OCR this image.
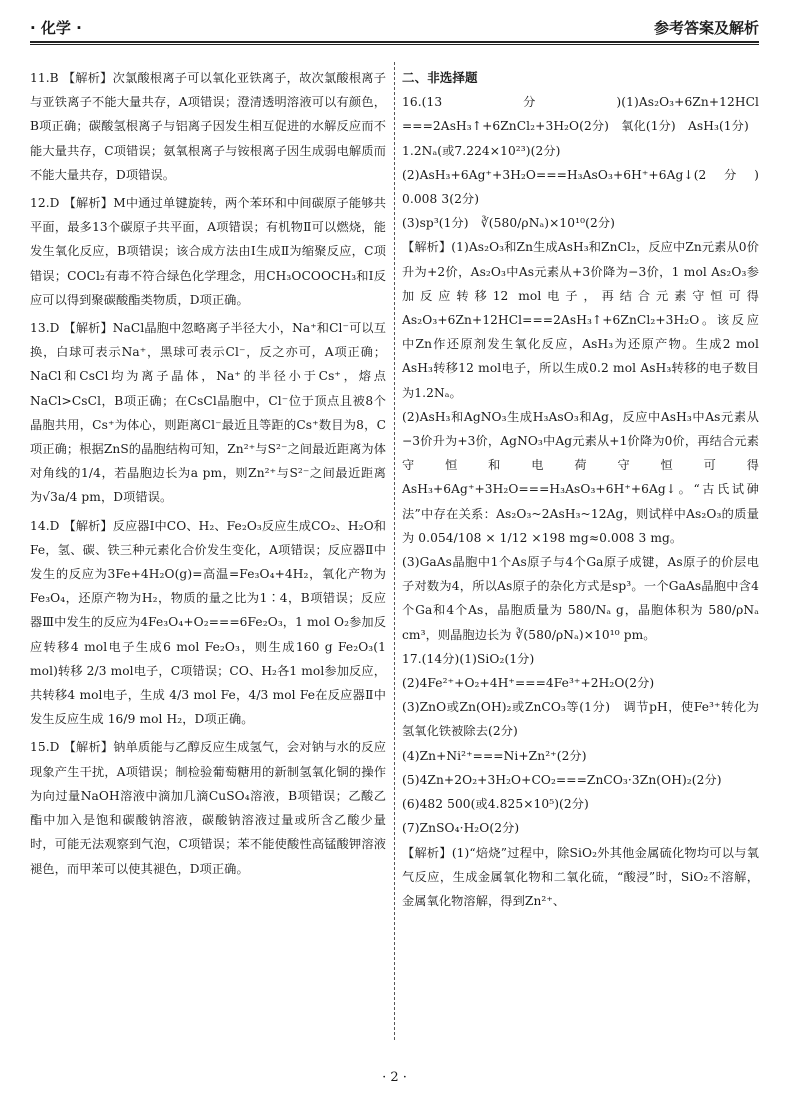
· 化学 ·	参考答案及解析

11.B 【解析】次氯酸根离子可以氧化亚铁离子，故次氯酸根离子与亚铁离子不能大量共存，A项错误；澄清透明溶液可以有颜色，B项正确；碳酸氢根离子与铝离子因发生相互促进的水解反应而不能大量共存，C项错误；氨氧根离子与铵根离子因生成弱电解质而不能大量共存，D项错误。

12.D 【解析】M中通过单键旋转，两个苯环和中间碳原子能够共平面，最多13个碳原子共平面，A项错误；有机物Ⅱ可以燃烧，能发生氧化反应，B项错误；该合成方法由Ⅰ生成Ⅱ为缩聚反应，C项错误；COCl₂有毒不符合绿色化学理念，用CH₃OCOOCH₃和Ⅰ反应可以得到聚碳酸酯类物质，D项正确。

13.D 【解析】NaCl晶胞中忽略离子半径大小，Na⁺和Cl⁻可以互换，白球可表示Na⁺，黑球可表示Cl⁻，反之亦可，A项正确；NaCl和CsCl均为离子晶体，Na⁺的半径小于Cs⁺，熔点NaCl>CsCl，B项正确；在CsCl晶胞中，Cl⁻位于顶点且被8个晶胞共用，Cs⁺为体心，则距离Cl⁻最近且等距的Cs⁺数目为8，C项正确；根据ZnS的晶胞结构可知，Zn²⁺与S²⁻之间最近距离为体对角线的1/4，若晶胞边长为a pm，则Zn²⁺与S²⁻之间最近距离为√3a/4 pm，D项错误。

14.D 【解析】反应器Ⅰ中CO、H₂、Fe₂O₃反应生成CO₂、H₂O和Fe，氢、碳、铁三种元素化合价发生变化，A项错误；反应器Ⅱ中发生的反应为3Fe+4H₂O(g)=高温=Fe₃O₄+4H₂，氧化产物为Fe₃O₄，还原产物为H₂，物质的量之比为1∶4，B项错误；反应器Ⅲ中发生的反应为4Fe₃O₄+O₂===6Fe₂O₃，1 mol O₂参加反应转移4 mol电子生成6 mol Fe₂O₃，则生成160 g Fe₂O₃(1 mol)转移 2/3 mol电子，C项错误；CO、H₂各1 mol参加反应，共转移4 mol电子，生成 4/3 mol Fe，4/3 mol Fe在反应器Ⅱ中发生反应生成 16/9 mol H₂，D项正确。

15.D 【解析】钠单质能与乙醇反应生成氢气，会对钠与水的反应现象产生干扰，A项错误；制检验葡萄糖用的新制氢氧化铜的操作为向过量NaOH溶液中滴加几滴CuSO₄溶液，B项错误；乙酸乙酯中加入是饱和碳酸钠溶液，碳酸钠溶液过量或所含乙酸少量时，可能无法观察到气泡，C项错误；苯不能使酸性高锰酸钾溶液褪色，而甲苯可以使其褪色，D项正确。

二、非选择题

16.(13分)(1)As₂O₃+6Zn+12HCl ===2AsH₃↑+6ZnCl₂+3H₂O(2分)　氧化(1分)　AsH₃(1分)

1.2Nₐ(或7.224×10²³)(2分)

(2)AsH₃+6Ag⁺+3H₂O===H₃AsO₃+6H⁺+6Ag↓(2分)　0.008 3(2分)

(3)sp³(1分)　∛(580/ρNₐ)×10¹⁰(2分)

【解析】(1)As₂O₃和Zn生成AsH₃和ZnCl₂，反应中Zn元素从0价升为+2价，As₂O₃中As元素从+3价降为−3价，1 mol As₂O₃参加反应转移12 mol电子，再结合元素守恒可得As₂O₃+6Zn+12HCl===2AsH₃↑+6ZnCl₂+3H₂O。该反应中Zn作还原剂发生氧化反应，AsH₃为还原产物。生成2 mol AsH₃转移12 mol电子，所以生成0.2 mol AsH₃转移的电子数目为1.2Nₐ。

(2)AsH₃和AgNO₃生成H₃AsO₃和Ag，反应中AsH₃中As元素从−3价升为+3价，AgNO₃中Ag元素从+1价降为0价，再结合元素守恒和电荷守恒可得AsH₃+6Ag⁺+3H₂O===H₃AsO₃+6H⁺+6Ag↓。“古氏试砷法”中存在关系：As₂O₃~2AsH₃~12Ag，则试样中As₂O₃的质量为 0.054/108 × 1/12 ×198 mg≈0.008 3 mg。

(3)GaAs晶胞中1个As原子与4个Ga原子成键，As原子的价层电子对数为4，所以As原子的杂化方式是sp³。一个GaAs晶胞中含4个Ga和4个As，晶胞质量为 580/Nₐ g，晶胞体积为 580/ρNₐ cm³，则晶胞边长为 ∛(580/ρNₐ)×10¹⁰ pm。

17.(14分)(1)SiO₂(1分)

(2)4Fe²⁺+O₂+4H⁺===4Fe³⁺+2H₂O(2分)

(3)ZnO或Zn(OH)₂或ZnCO₃等(1分)　调节pH，使Fe³⁺转化为氢氧化铁被除去(2分)

(4)Zn+Ni²⁺===Ni+Zn²⁺(2分)

(5)4Zn+2O₂+3H₂O+CO₂===ZnCO₃·3Zn(OH)₂(2分)

(6)482 500(或4.825×10⁵)(2分)

(7)ZnSO₄·H₂O(2分)

【解析】(1)“焙烧”过程中，除SiO₂外其他金属硫化物均可以与氧气反应，生成金属氧化物和二氧化硫，“酸浸”时，SiO₂不溶解，金属氧化物溶解，得到Zn²⁺、

· 2 ·
